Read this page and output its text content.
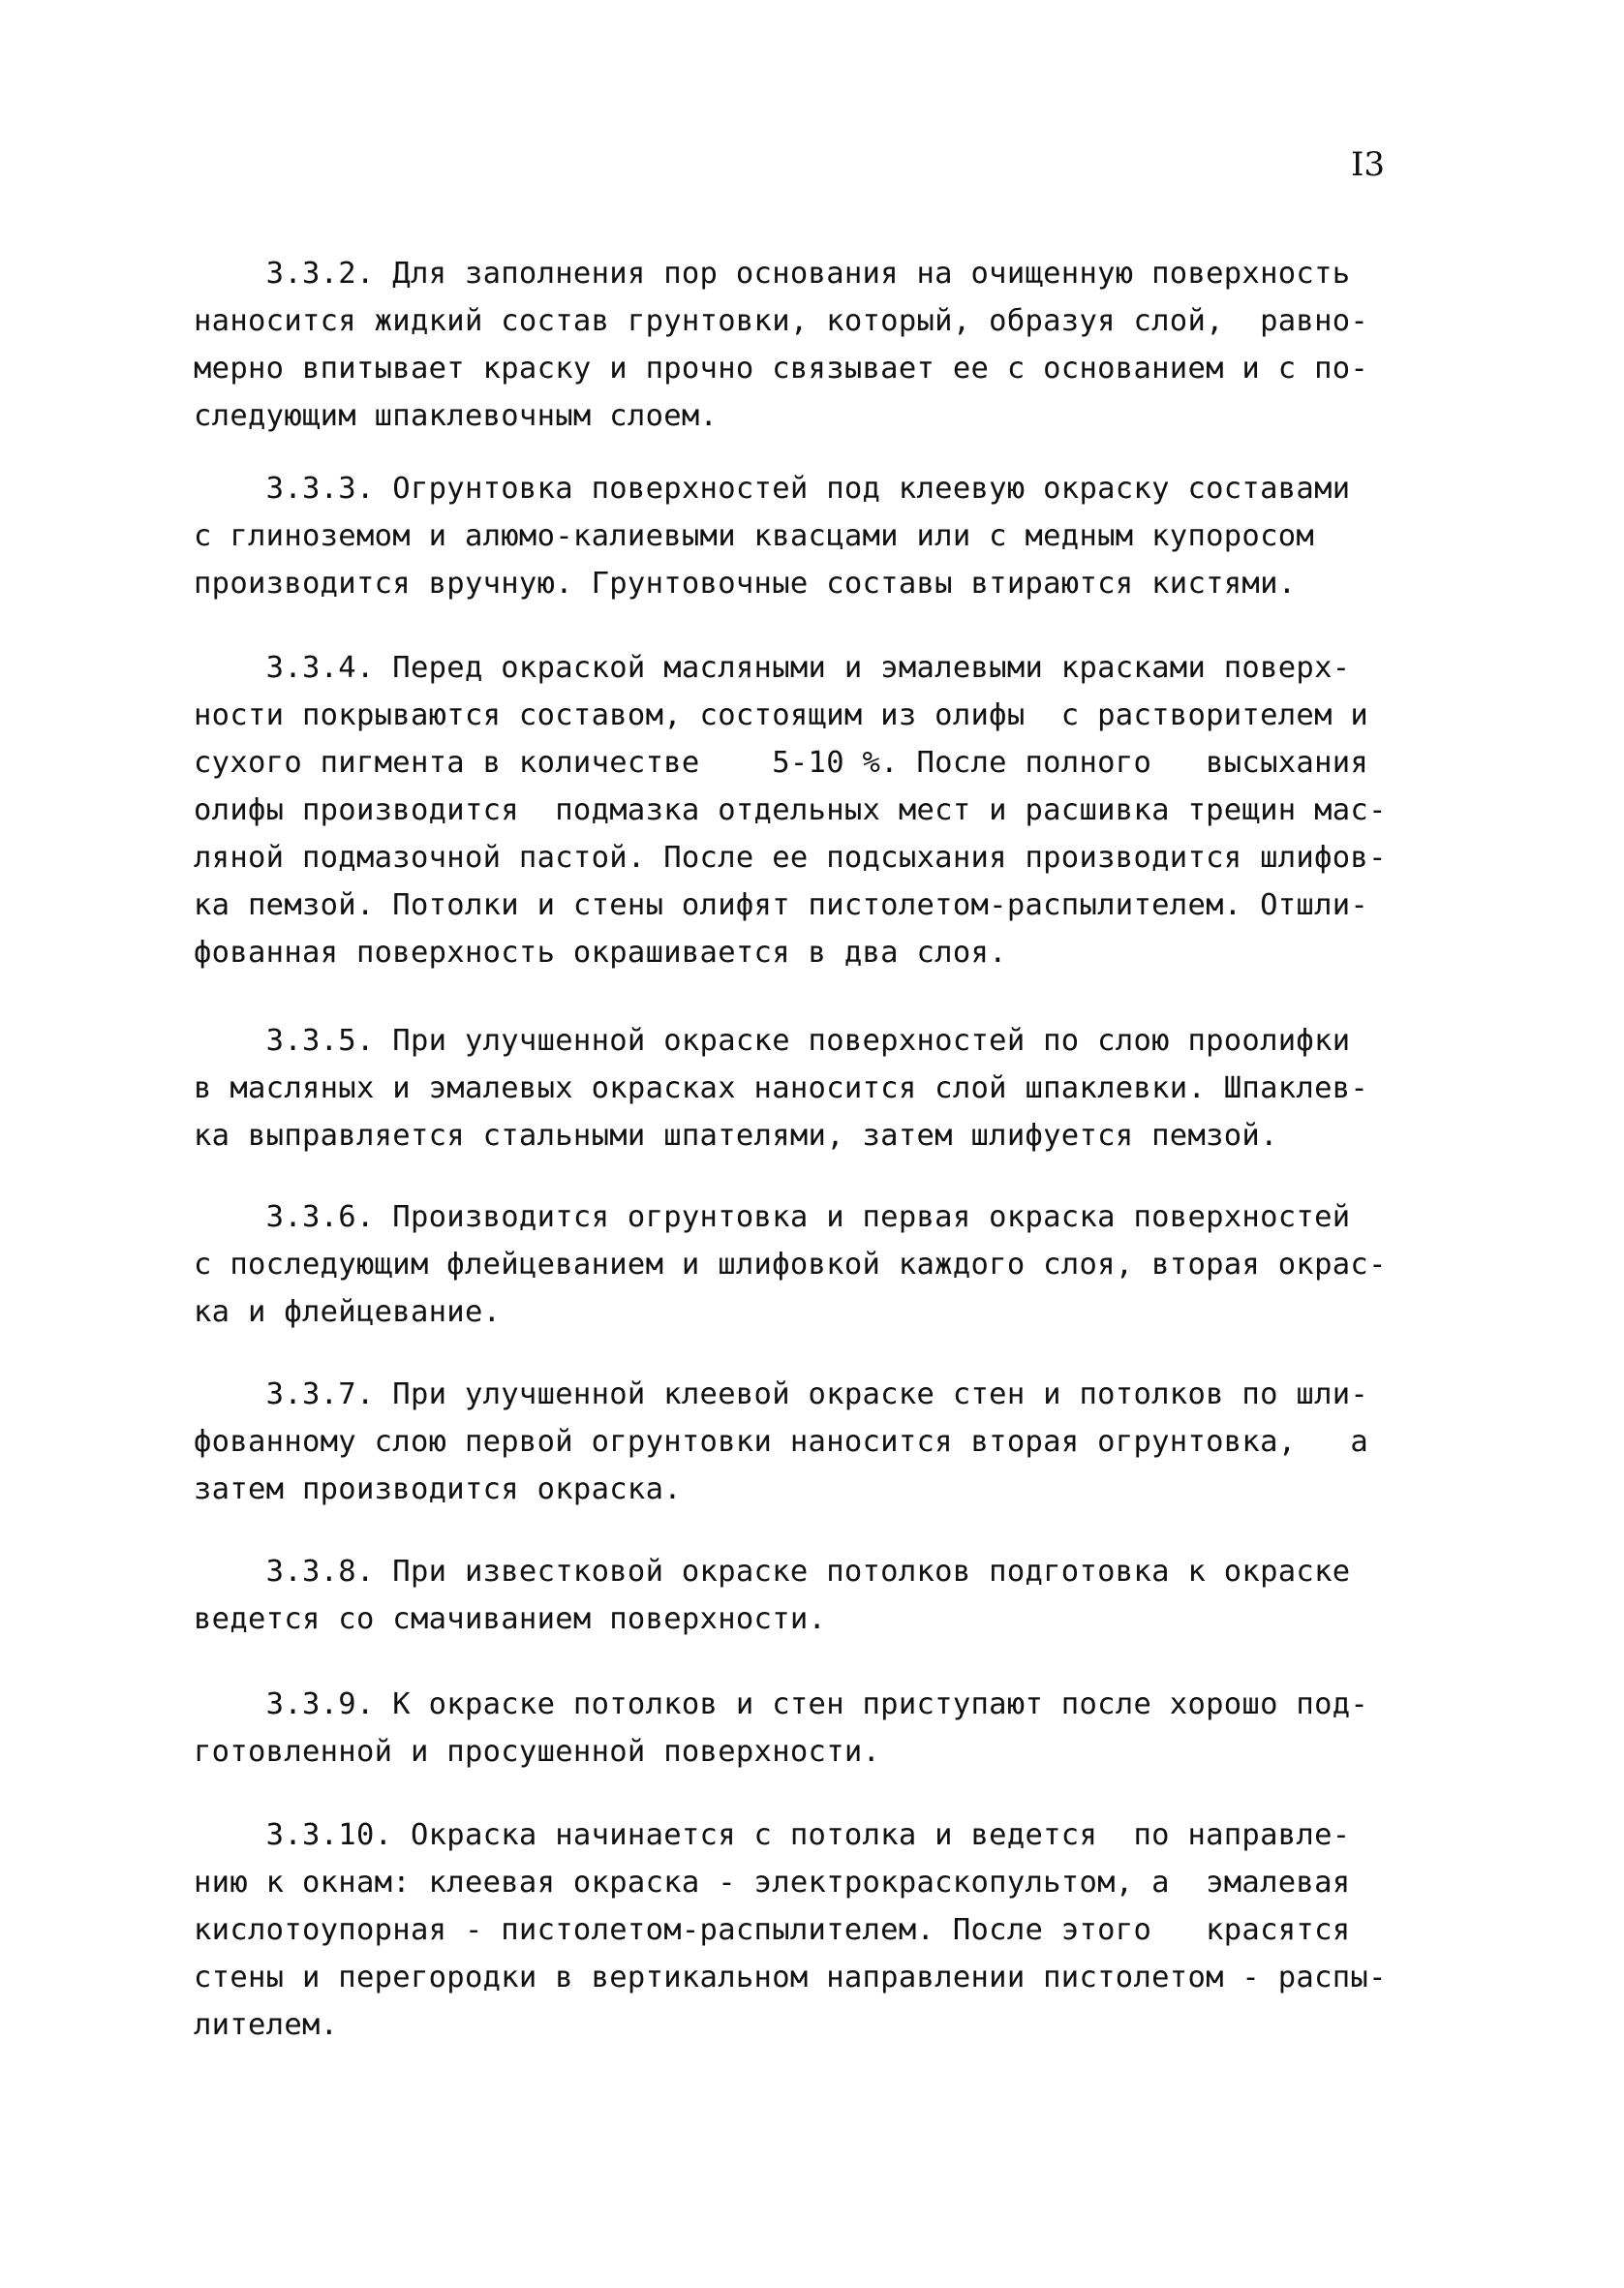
I3
3.3.2. Для заполнения пор основания на очищенную поверхность
наносится жидкий состав грунтовки, который, образуя слой,  равно-
мерно впитывает краску и прочно связывает ее с основанием и с по-
следующим шпаклевочным слоем.
3.3.3. Огрунтовка поверхностей под клеевую окраску составами
с глиноземом и алюмо-калиевыми квасцами или с медным купоросом
производится вручную. Грунтовочные составы втираются кистями.
3.3.4. Перед окраской масляными и эмалевыми красками поверх-
ности покрываются составом, состоящим из олифы  с растворителем и
сухого пигмента в количестве    5-10 %. После полного   высыхания
олифы производится  подмазка отдельных мест и расшивка трещин мас-
ляной подмазочной пастой. После ее подсыхания производится шлифов-
ка пемзой. Потолки и стены олифят пистолетом-распылителем. Отшли-
фованная поверхность окрашивается в два слоя.
3.3.5. При улучшенной окраске поверхностей по слою проолифки
в масляных и эмалевых окрасках наносится слой шпаклевки. Шпаклев-
ка выправляется стальными шпателями, затем шлифуется пемзой.
3.3.6. Производится огрунтовка и первая окраска поверхностей
с последующим флейцеванием и шлифовкой каждого слоя, вторая окрас-
ка и флейцевание.
3.3.7. При улучшенной клеевой окраске стен и потолков по шли-
фованному слою первой огрунтовки наносится вторая огрунтовка,   а
затем производится окраска.
3.3.8. При известковой окраске потолков подготовка к окраске
ведется со смачиванием поверхности.
3.3.9. К окраске потолков и стен приступают после хорошо под-
готовленной и просушенной поверхности.
3.3.10. Окраска начинается с потолка и ведется  по направле-
нию к окнам: клеевая окраска - электрокраскопультом, а  эмалевая
кислотоупорная - пистолетом-распылителем. После этого   красятся
стены и перегородки в вертикальном направлении пистолетом - распы-
лителем.
